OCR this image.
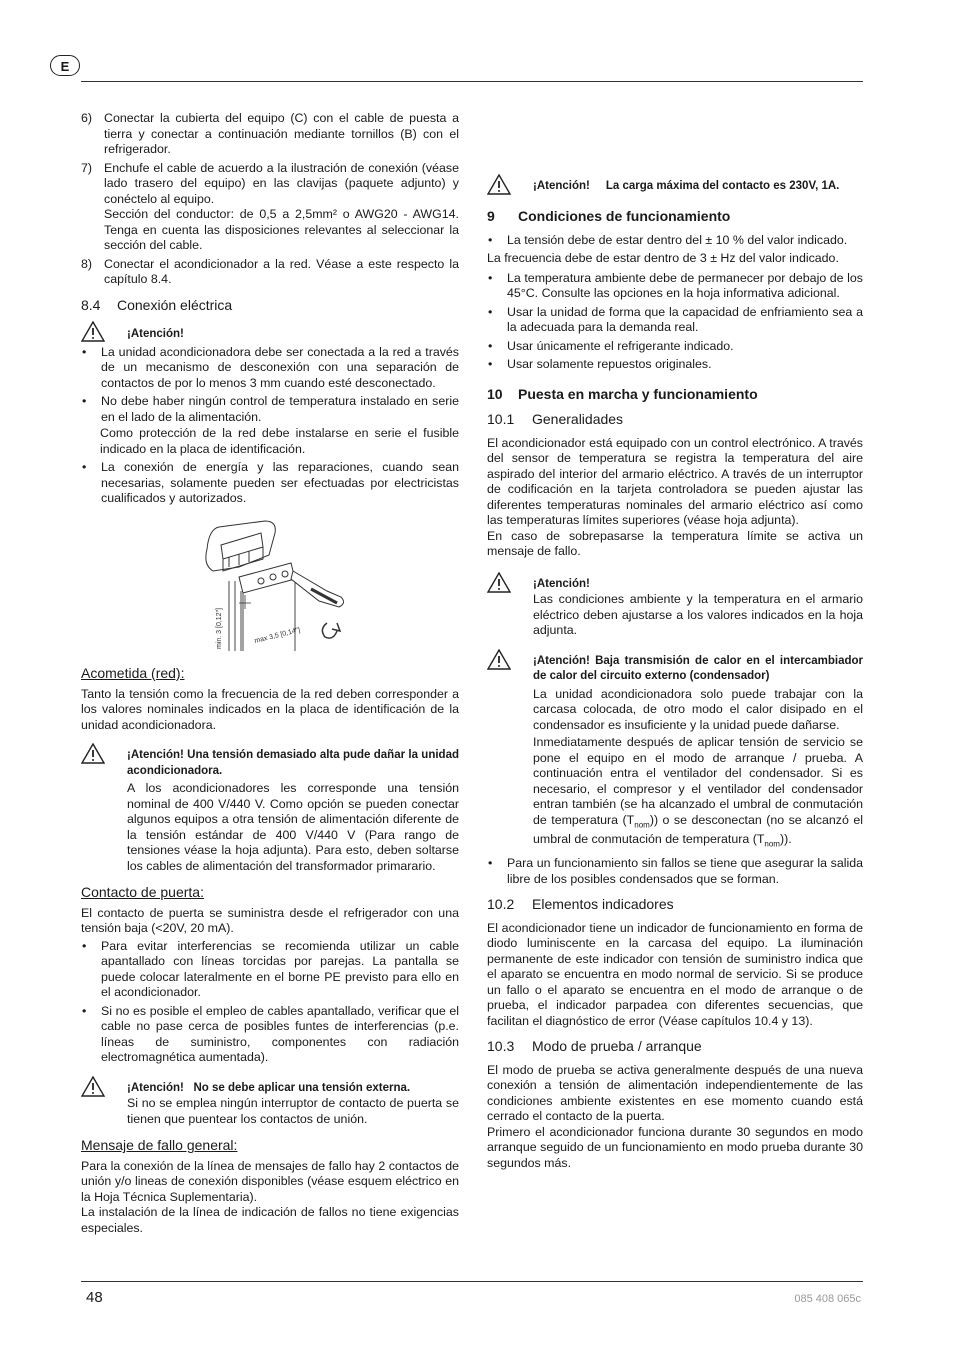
E
6) Conectar la cubierta del equipo (C) con el cable de puesta a tierra y conectar a continuación mediante tornillos (B) con el refrigerador.
7) Enchufe el cable de acuerdo a la ilustración de conexión (véase lado trasero del equipo) en las clavijas (paquete adjunto) y conéctelo al equipo.
Sección del conductor: de 0,5 a 2,5mm² o AWG20 - AWG14. Tenga en cuenta las disposiciones relevantes al seleccionar la sección del cable.
8) Conectar el acondicionador a la red. Véase a este respecto la capítulo 8.4.
8.4 Conexión eléctrica
¡Atención!
•	La unidad acondicionadora debe ser conectada a la red a través de un mecanismo de desconexión con una separación de contactos de por lo menos 3 mm cuando esté desconectado.
•	No debe haber ningún control de temperatura instalado en serie en el lado de la alimentación.

Como protección de la red debe instalarse en serie el fusible indicado en la placa de identificación.

•	La conexión de energía y las reparaciones, cuando sean necesarias, solamente pueden ser efectuadas por electricistas cualificados y autorizados.
max 3,5 [0,14"]
min. 3 [0,12"]
Acometida (red):

Tanto la tensión como la frecuencia de la red deben corresponder a los valores nominales indicados en la placa de identificación de la unidad acondicionadora.

¡Atención! Una tensión demasiado alta pude dañar la unidad acondicionadora.

A los acondicionadores les corresponde una tensión nominal de 400 V/440 V. Como opción se pueden conectar algunos equipos a otra tensión de alimentación diferente de la tensión estándar de 400 V/440 V (Para rango de tensiones véase la hoja adjunta). Para esto, deben soltarse los cables de alimentación del transformador primarario.

Contacto de puerta:

El contacto de puerta se suministra desde el refrigerador con una tensión baja (<20V, 20 mA).

•	Para evitar interferencias se recomienda utilizar un cable apantallado con líneas torcidas por parejas. La pantalla se puede colocar lateralmente en el borne PE previsto para ello en el acondicionador.
•	Si no es posible el empleo de cables apantallado, verificar que el cable no pase cerca de posibles funtes de interferencias (p.e. líneas de suministro, componentes con radiación electromagnética aumentada).

¡Atención!   No se debe aplicar una tensión externa.

Si no se emplea ningún interruptor de contacto de puerta se tienen que puentear los contactos de unión.

Mensaje de fallo general:

Para la conexión de la línea de mensajes de fallo hay 2 contactos de unión y/o lineas de conexión disponibles (véase esquem eléctrico en la Hoja Técnica Suplementaria).

La instalación de la línea de indicación de fallos no tiene exigencias especiales.

¡Atención!     La carga máxima del contacto es 230V, 1A.

9 Condiciones de funcionamiento
•	La tensión debe de estar dentro del ± 10 % del valor indicado.

La frecuencia debe de estar dentro de 3 ± Hz del valor indicado.

•	La temperatura ambiente debe de permanecer por debajo de los 45°C. Consulte las opciones en la hoja informativa adicional.
•	Usar la unidad de forma que la capacidad de enfriamiento sea a la adecuada para la demanda real.
•	Usar únicamente el refrigerante indicado.
•	Usar solamente repuestos originales.
10 Puesta en marcha y funcionamiento
10.1 Generalidades

El acondicionador está equipado con un control electrónico. A través del sensor de temperatura se registra la temperatura del aire aspirado del interior del armario eléctrico. A través de un interruptor de codificación en la tarjeta controladora se pueden ajustar las diferentes temperaturas nominales del armario eléctrico así como las temperaturas límites superiores (véase hoja adjunta).

En caso de sobrepasarse la temperatura límite se activa un mensaje de fallo.

¡Atención!

Las condiciones ambiente y la temperatura en el armario eléctrico deben ajustarse a los valores indicados en la hoja adjunta.

¡Atención! Baja transmisión de calor en el intercambiador de calor del circuito externo (condensador)

La unidad acondicionadora solo puede trabajar con la carcasa colocada, de otro modo el calor disipado en el condensador es insuficiente y la unidad puede dañarse.

Inmediatamente después de aplicar tensión de servicio se pone el equipo en el modo de arranque / prueba. A continuación entra el ventilador del condensador. Si es necesario, el compresor y el ventilador del condensador entran también (se ha alcanzado el umbral de conmutación de temperatura $(T_{nom})$) o se desconectan (no se alcanzó el umbral de conmutación de temperatura $(T_{nom})$).

•	Para un funcionamiento sin fallos se tiene que asegurar la salida libre de los posibles condensados que se forman.
10.2 Elementos indicadores

El acondicionador tiene un indicador de funcionamiento en forma de diodo luminiscente en la carcasa del equipo. La iluminación permanente de este indicador con tensión de suministro indica que el aparato se encuentra en modo normal de servicio. Si se produce un fallo o el aparato se encuentra en el modo de arranque o de prueba, el indicador parpadea con diferentes secuencias, que facilitan el diagnóstico de error (Véase capítulos 10.4 y 13).

10.3 Modo de prueba / arranque

El modo de prueba se activa generalmente después de una nueva conexión a tensión de alimentación independientemente de las condiciones ambiente existentes en ese momento cuando está cerrado el contacto de la puerta.

Primero el acondicionador funciona durante 30 segundos en modo arranque seguido de un funcionamiento en modo prueba durante 30 segundos más.

48	085 408 065c
